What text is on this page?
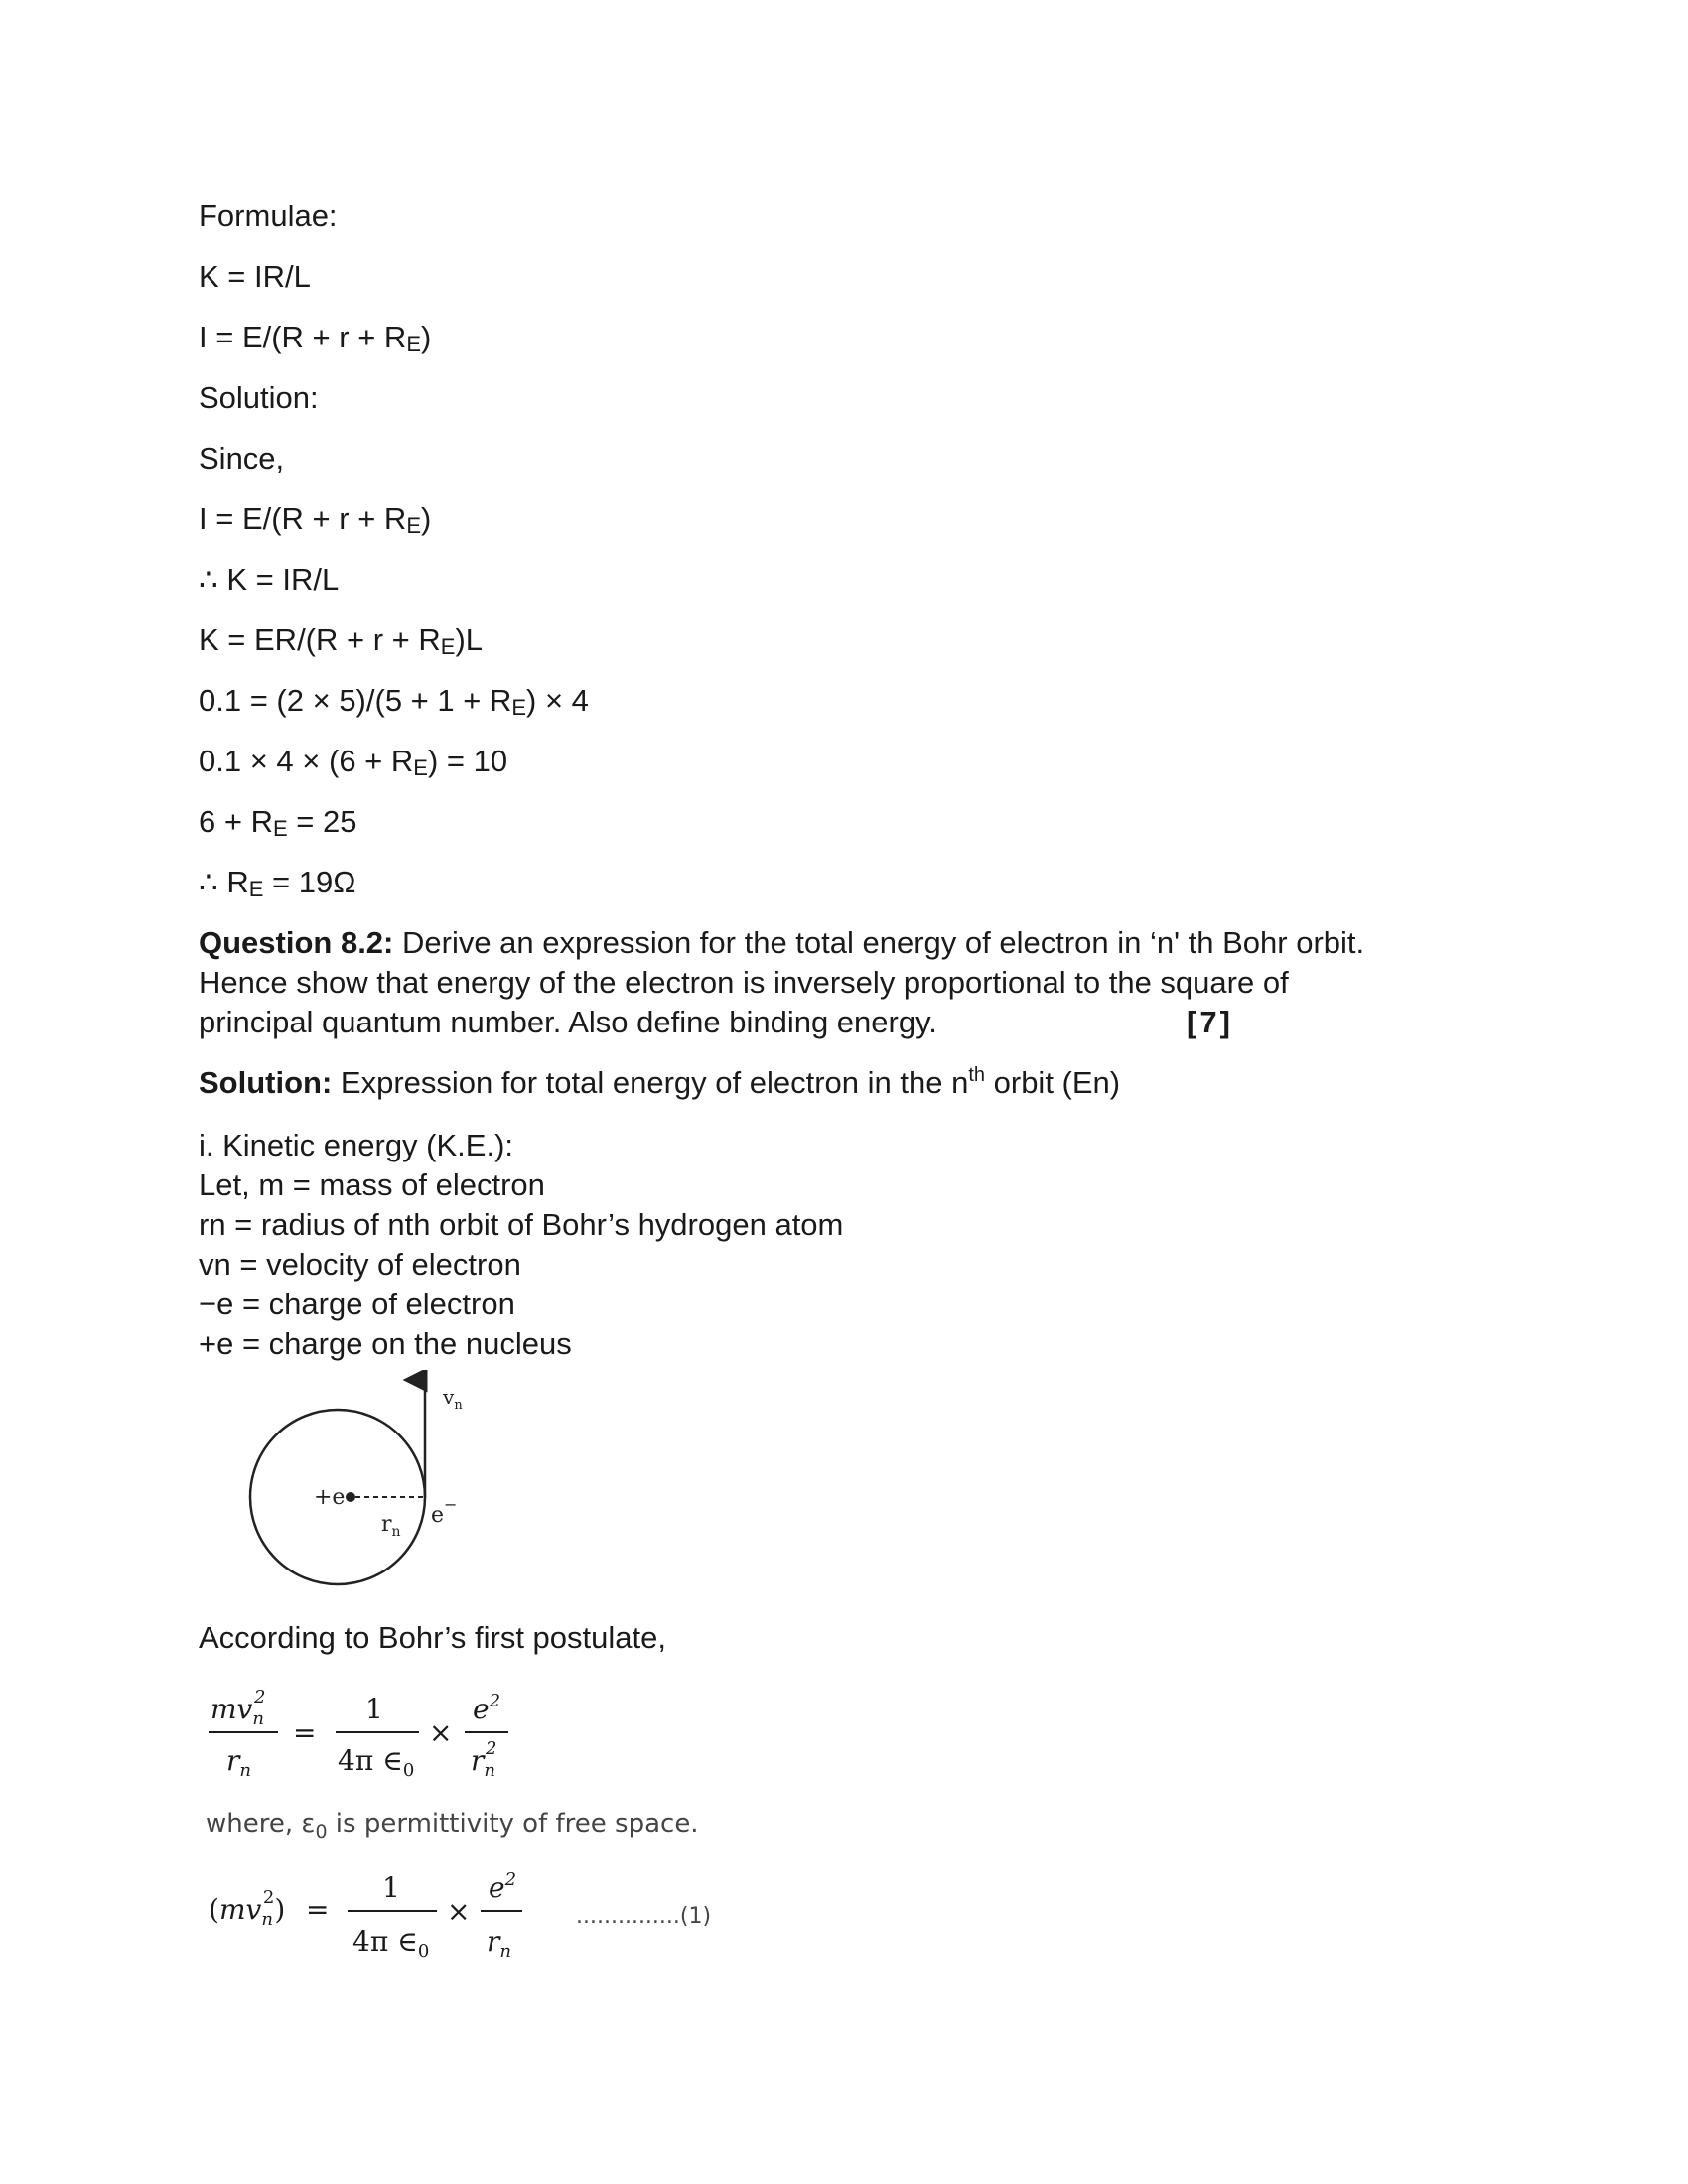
Formulae:
K = IR/L
$I = E/(R + r + R_E)$
Solution:
Since,
$I = E/(R + r + R_E)$
∴ K = IR/L
$K = ER/(R + r + R_E)L$
$0.1 = (2 \times 5)/(5 + 1 + R_E) \times 4$
$0.1 \times 4 \times (6 + R_E) = 10$
$6 + R_E = 25$
∴ $R_E = 19\Omega$
Question 8.2: Derive an expression for the total energy of electron in ‘n' th Bohr orbit.
Hence show that energy of the electron is inversely proportional to the square of
principal quantum number. Also define binding energy.	[7]
Solution: Expression for total energy of electron in the $n^{th}$ orbit (En)
i. Kinetic energy (K.E.):
Let, m = mass of electron
rn = radius of nth orbit of Bohr’s hydrogen atom
vn = velocity of electron
−e = charge of electron
+e = charge on the nucleus
+e
$r_n$
e−
$v_n$
According to Bohr’s first postulate,
$mv_n2$
$r_n$
=
1
4π $\in_0$
×
$e^2$
$r_n2$
where, $\varepsilon_0$ is permittivity of free space.
$(mv_n2)$ =
1
4π $\in_0$
×
$e^2$
$r_n$
...............(1)
